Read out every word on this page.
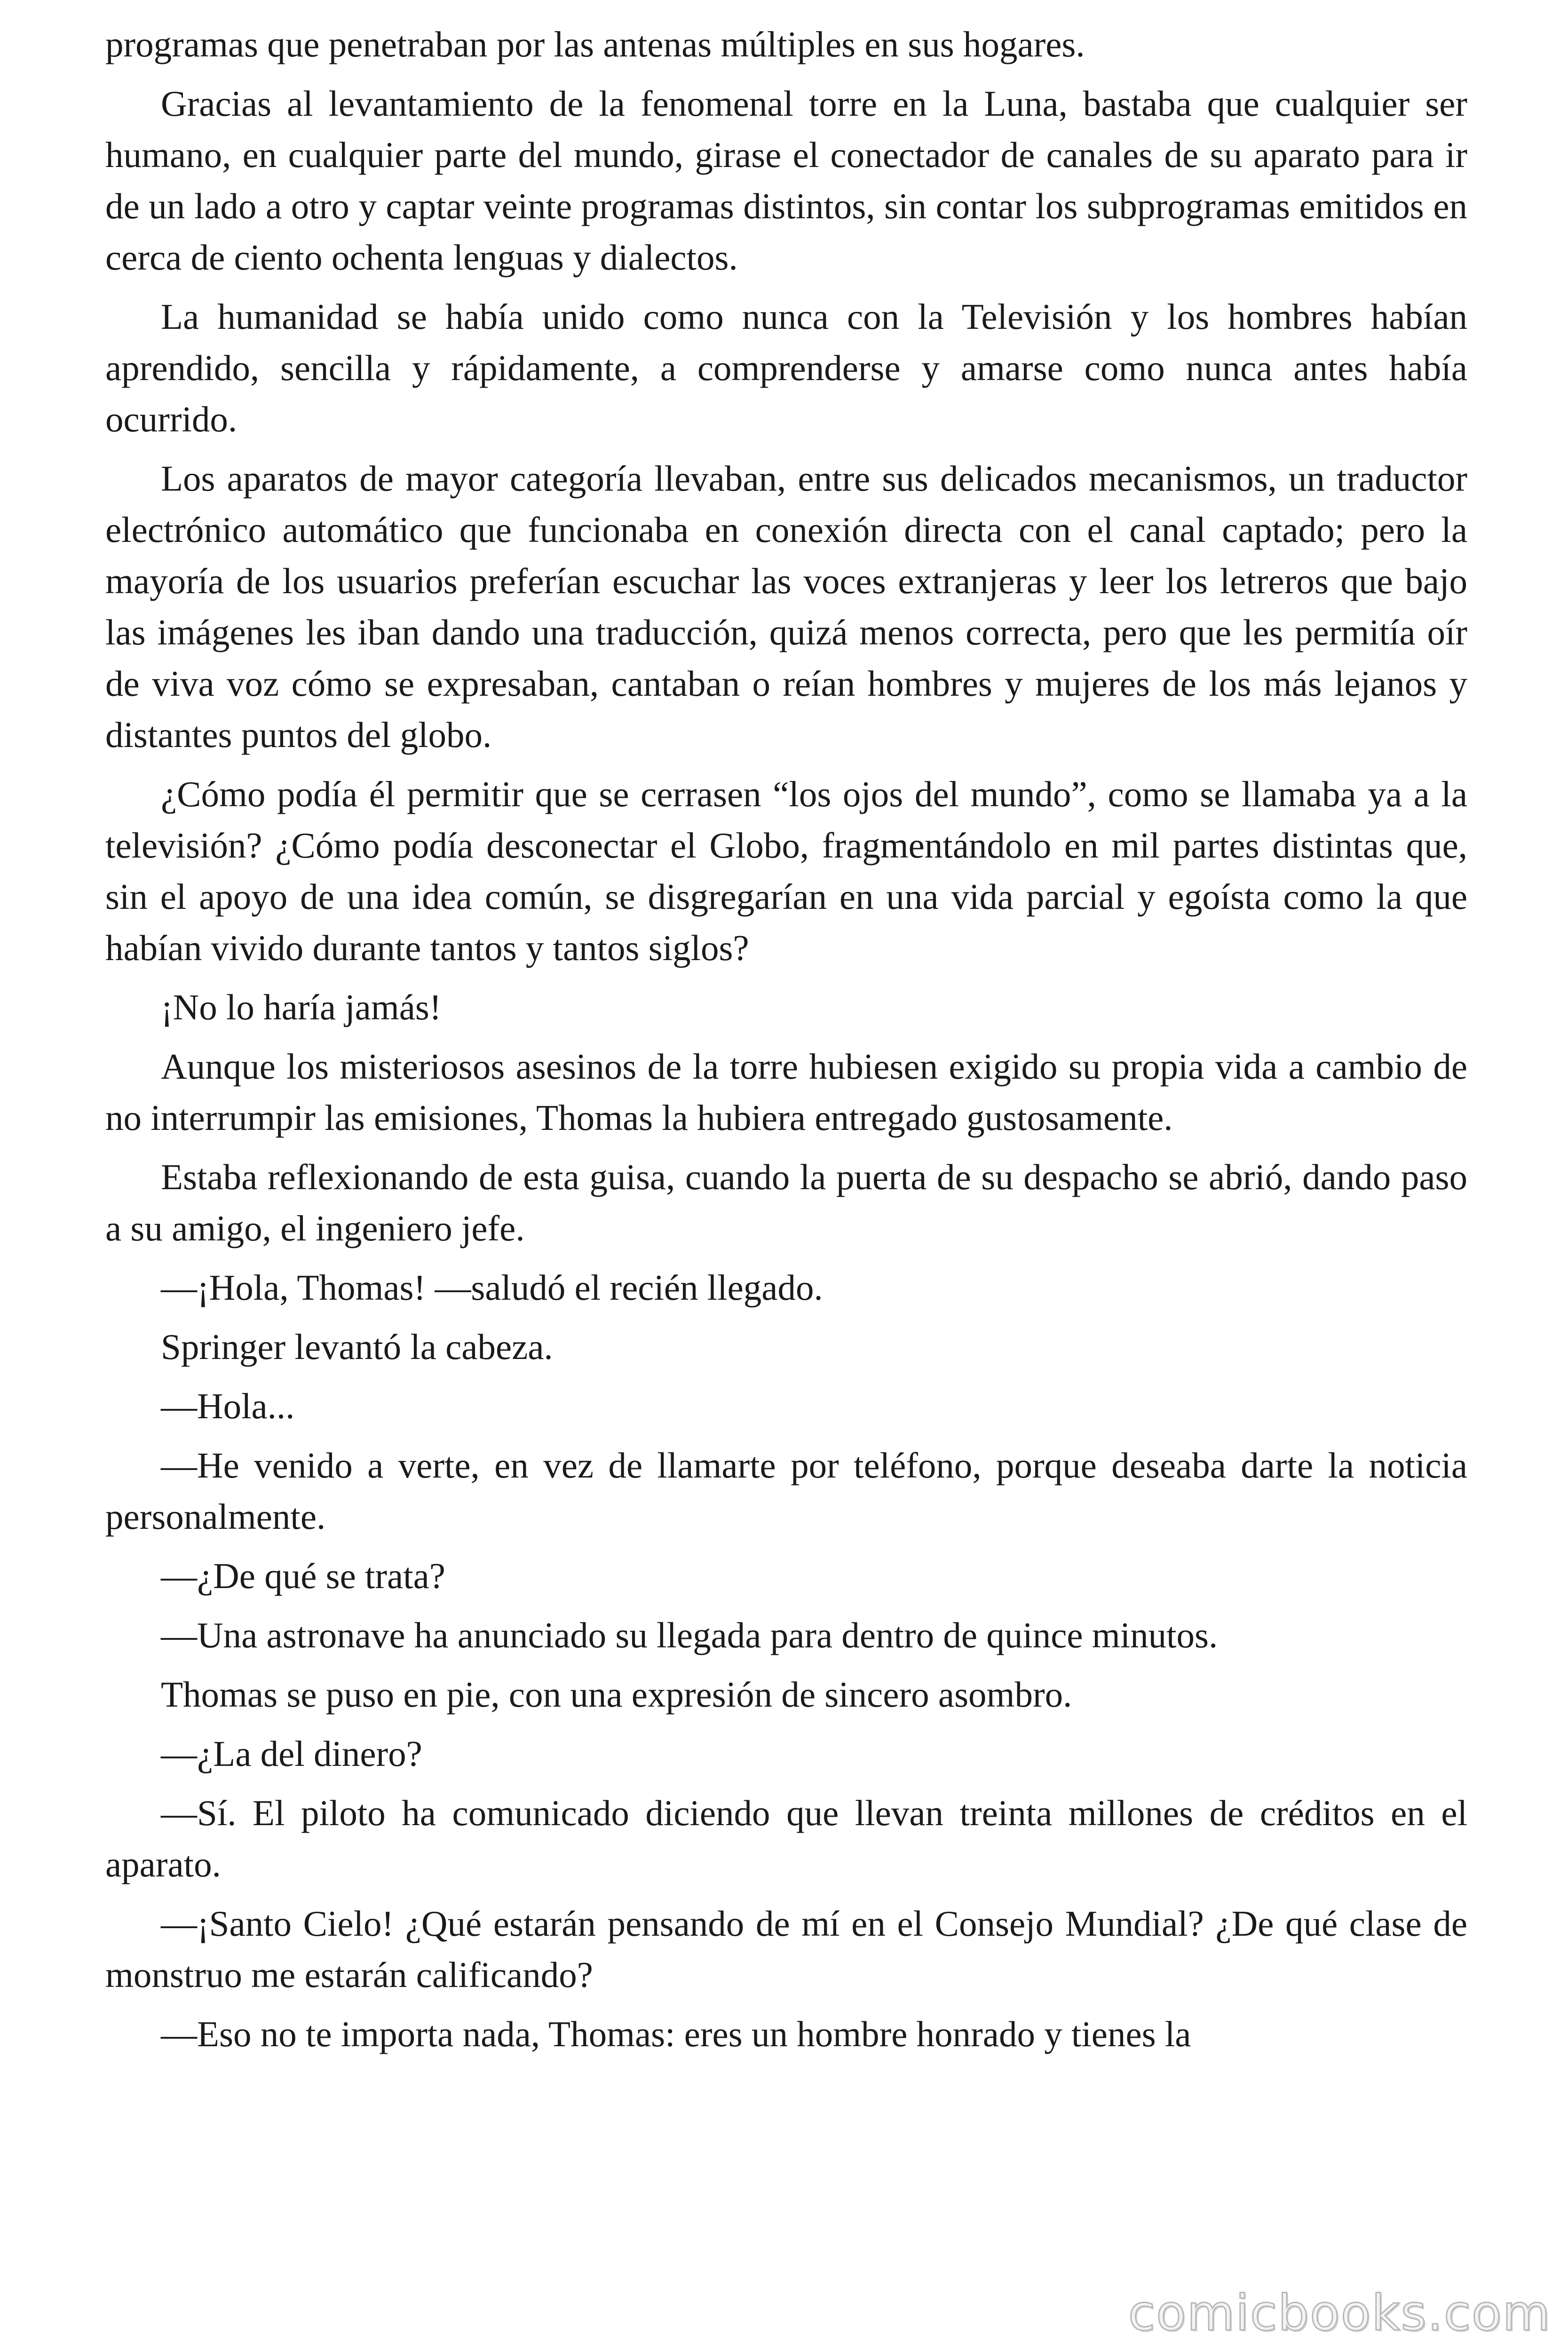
programas que penetraban por las antenas múltiples en sus hogares.

Gracias al levantamiento de la fenomenal torre en la Luna, bastaba que cualquier ser humano, en cualquier parte del mundo, girase el conectador de canales de su aparato para ir de un lado a otro y captar veinte programas distintos, sin contar los subprogramas emitidos en cerca de ciento ochenta lenguas y dialectos.

La humanidad se había unido como nunca con la Televisión y los hombres habían aprendido, sencilla y rápidamente, a comprenderse y amarse como nunca antes había ocurrido.

Los aparatos de mayor categoría llevaban, entre sus delicados mecanismos, un traductor electrónico automático que funcionaba en conexión directa con el canal captado; pero la mayoría de los usuarios preferían escuchar las voces extranjeras y leer los letreros que bajo las imágenes les iban dando una traducción, quizá menos correcta, pero que les permitía oír de viva voz cómo se expresaban, cantaban o reían hombres y mujeres de los más lejanos y distantes puntos del globo.

¿Cómo podía él permitir que se cerrasen “los ojos del mundo”, como se llamaba ya a la televisión? ¿Cómo podía desconectar el Globo, fragmentándolo en mil partes distintas que, sin el apoyo de una idea común, se disgregarían en una vida parcial y egoísta como la que habían vivido durante tantos y tantos siglos?

¡No lo haría jamás!

Aunque los misteriosos asesinos de la torre hubiesen exigido su propia vida a cambio de no interrumpir las emisiones, Thomas la hubiera entregado gustosamente.

Estaba reflexionando de esta guisa, cuando la puerta de su despacho se abrió, dando paso a su amigo, el ingeniero jefe.

—¡Hola, Thomas! —saludó el recién llegado.

Springer levantó la cabeza.

—Hola...

—He venido a verte, en vez de llamarte por teléfono, porque deseaba darte la noticia personalmente.

—¿De qué se trata?

—Una astronave ha anunciado su llegada para dentro de quince minutos.

Thomas se puso en pie, con una expresión de sincero asombro.

—¿La del dinero?

—Sí. El piloto ha comunicado diciendo que llevan treinta millones de créditos en el aparato.

—¡Santo Cielo! ¿Qué estarán pensando de mí en el Consejo Mundial? ¿De qué clase de monstruo me estarán calificando?

—Eso no te importa nada, Thomas: eres un hombre honrado y tienes la

comicbooks.com
